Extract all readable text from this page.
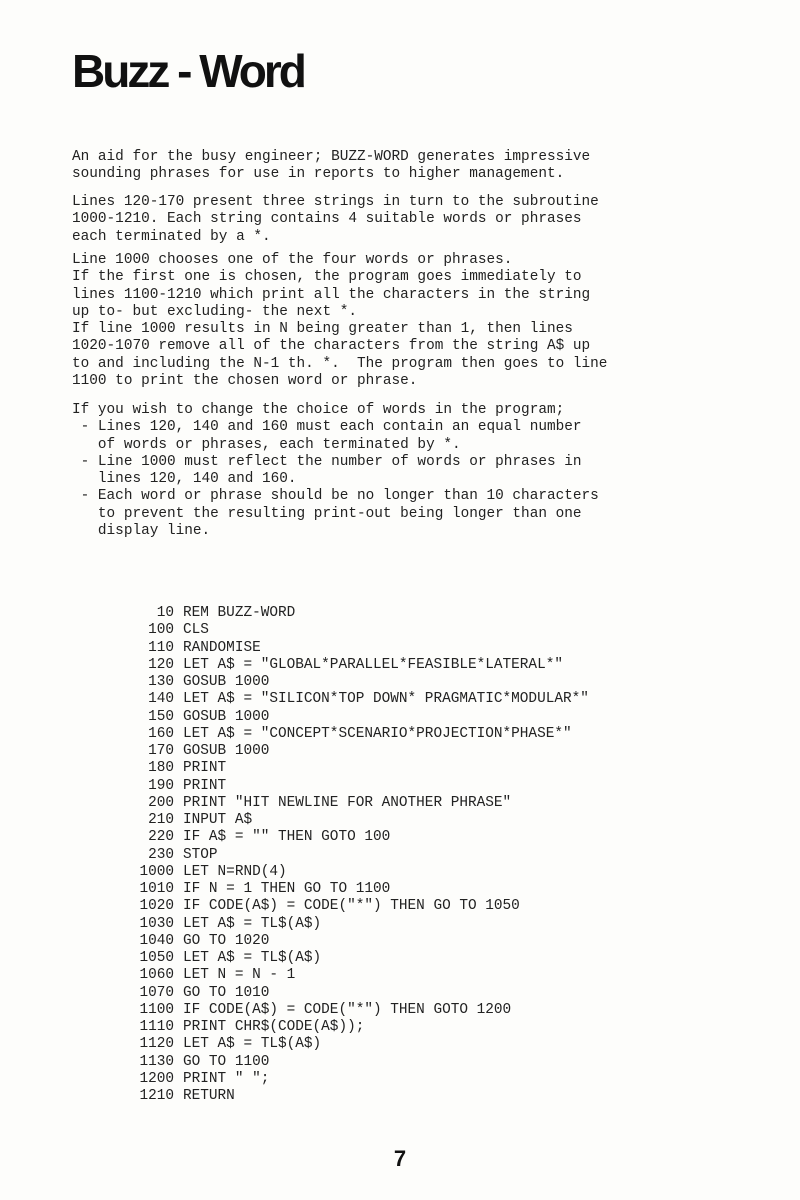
Buzz - Word

An aid for the busy engineer; BUZZ-WORD generates impressive
sounding phrases for use in reports to higher management.

Lines 120-170 present three strings in turn to the subroutine
1000-1210. Each string contains 4 suitable words or phrases
each terminated by a *.

Line 1000 chooses one of the four words or phrases.
If the first one is chosen, the program goes immediately to
lines 1100-1210 which print all the characters in the string
up to- but excluding- the next *.
If line 1000 results in N being greater than 1, then lines
1020-1070 remove all of the characters from the string A$ up
to and including the N-1 th. *.  The program then goes to line
1100 to print the chosen word or phrase.

If you wish to change the choice of words in the program;
- Lines 120, 140 and 160 must each contain an equal number
of words or phrases, each terminated by *.
- Line 1000 must reflect the number of words or phrases in
lines 120, 140 and 160.
- Each word or phrase should be no longer than 10 characters
to prevent the resulting print-out being longer than one
display line.

10 REM BUZZ-WORD
100 CLS
110 RANDOMISE
120 LET A$ = "GLOBAL*PARALLEL*FEASIBLE*LATERAL*"
130 GOSUB 1000
140 LET A$ = "SILICON*TOP DOWN* PRAGMATIC*MODULAR*"
150 GOSUB 1000
160 LET A$ = "CONCEPT*SCENARIO*PROJECTION*PHASE*"
170 GOSUB 1000
180 PRINT
190 PRINT
200 PRINT "HIT NEWLINE FOR ANOTHER PHRASE"
210 INPUT A$
220 IF A$ = "" THEN GOTO 100
230 STOP
1000 LET N=RND(4)
1010 IF N = 1 THEN GO TO 1100
1020 IF CODE(A$) = CODE("*") THEN GO TO 1050
1030 LET A$ = TL$(A$)
1040 GO TO 1020
1050 LET A$ = TL$(A$)
1060 LET N = N - 1
1070 GO TO 1010
1100 IF CODE(A$) = CODE("*") THEN GOTO 1200
1110 PRINT CHR$(CODE(A$));
1120 LET A$ = TL$(A$)
1130 GO TO 1100
1200 PRINT " ";
1210 RETURN
7
